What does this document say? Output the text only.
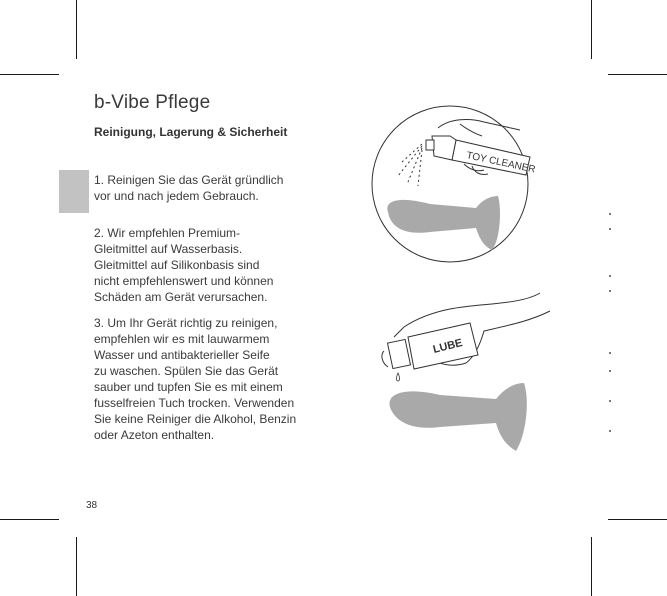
b-Vibe Pflege
Reinigung, Lagerung & Sicherheit
1. Reinigen Sie das Gerät gründlich
vor und nach jedem Gebrauch.
2. Wir empfehlen Premium-
Gleitmittel auf Wasserbasis.
Gleitmittel auf Silikonbasis sind
nicht empfehlenswert und können
Schäden am Gerät verursachen.
3. Um Ihr Gerät richtig zu reinigen,
empfehlen wir es mit lauwarmem
Wasser und antibakterieller Seife
zu waschen. Spülen Sie das Gerät
sauber und tupfen Sie es mit einem
fusselfreien Tuch trocken. Verwenden
Sie keine Reiniger die Alkohol, Benzin
oder Azeton enthalten.
38
TOY CLEANER
LUBE
